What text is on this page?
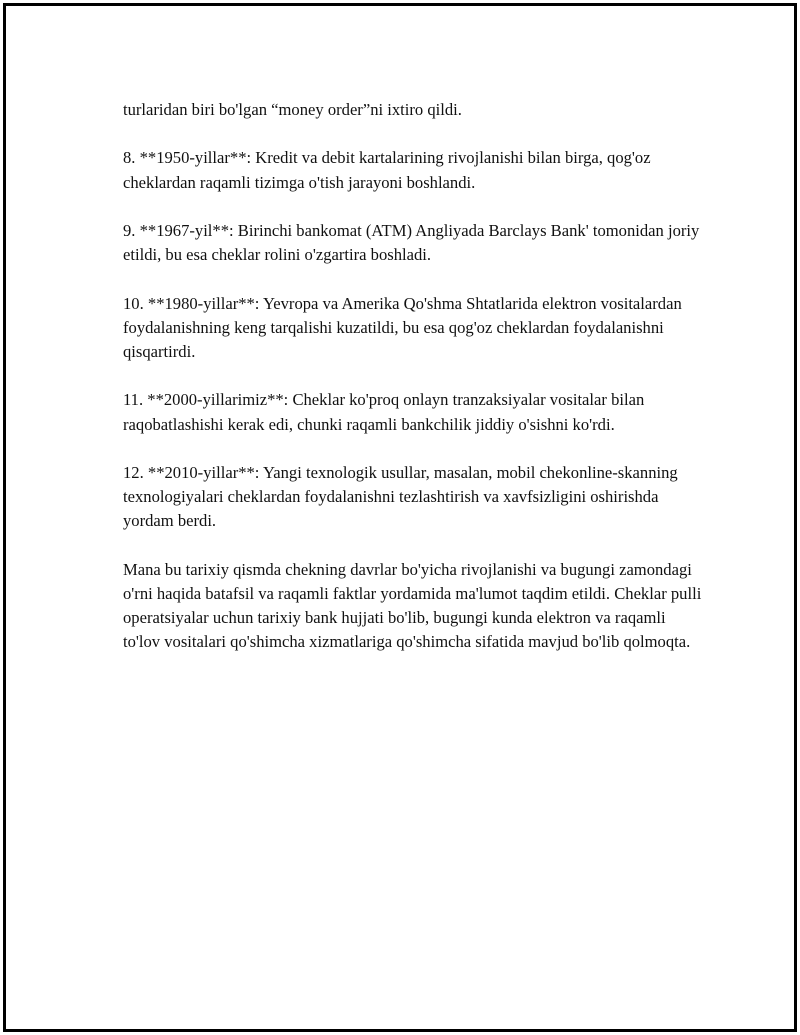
turlaridan biri bo'lgan “money order”ni ixtiro qildi.

8. **1950-yillar**: Kredit va debit kartalarining rivojlanishi bilan birga, qog'oz cheklardan raqamli tizimga o'tish jarayoni boshlandi.

9. **1967-yil**: Birinchi bankomat (ATM) Angliyada Barclays Bank' tomonidan joriy etildi, bu esa cheklar rolini o'zgartira boshladi.

10. **1980-yillar**: Yevropa va Amerika Qo'shma Shtatlarida elektron vositalardan foydalanishning keng tarqalishi kuzatildi, bu esa qog'oz cheklardan foydalanishni qisqartirdi.

11. **2000-yillarimiz**: Cheklar ko'proq onlayn tranzaksiyalar vositalar bilan raqobatlashishi kerak edi, chunki raqamli bankchilik jiddiy o'sishni ko'rdi.

12. **2010-yillar**: Yangi texnologik usullar, masalan, mobil chekonline-skanning texnologiyalari cheklardan foydalanishni tezlashtirish va xavfsizligini oshirishda yordam berdi.

Mana bu tarixiy qismda chekning davrlar bo'yicha rivojlanishi va bugungi zamondagi o'rni haqida batafsil va raqamli faktlar yordamida ma'lumot taqdim etildi. Cheklar pulli operatsiyalar uchun tarixiy bank hujjati bo'lib, bugungi kunda elektron va raqamli to'lov vositalari qo'shimcha xizmatlariga qo'shimcha sifatida mavjud bo'lib qolmoqta.
